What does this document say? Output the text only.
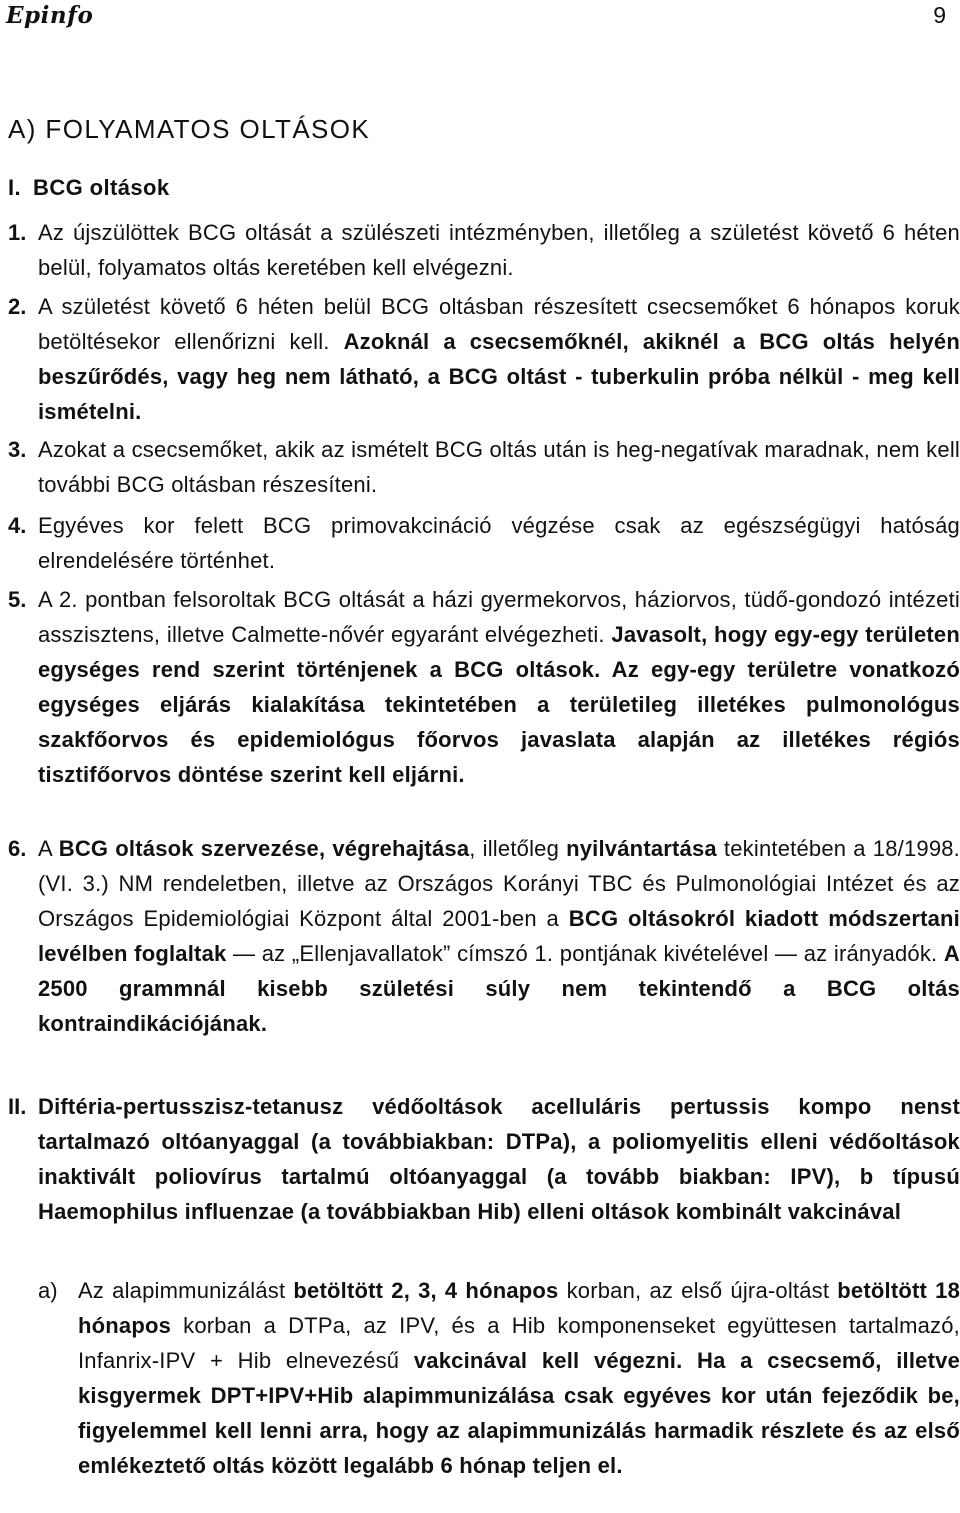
Epinfo	9
A) FOLYAMATOS OLTÁSOK
I. BCG oltások
1. Az újszülöttek BCG oltását a szülészeti intézményben, illetőleg a születést követő 6 héten belül, folyamatos oltás keretében kell elvégezni.
2. A születést követő 6 héten belül BCG oltásban részesített csecsemőket 6 hónapos koruk betöltésekor ellenőrizni kell. Azoknál a csecsemőknél, akiknél a BCG oltás helyén beszűrődés, vagy heg nem látható, a BCG oltást - tuberkulin próba nélkül - meg kell ismételni.
3. Azokat a csecsemőket, akik az ismételt BCG oltás után is heg-negatívak maradnak, nem kell további BCG oltásban részesíteni.
4. Egyéves kor felett BCG primovakcináció végzése csak az egészségügyi hatóság elrendelésére történhet.
5. A 2. pontban felsoroltak BCG oltását a házi gyermekorvos, háziorvos, tüdő-gondozó intézeti asszisztens, illetve Calmette-nővér egyaránt elvégezheti. Javasolt, hogy egy-egy területen egységes rend szerint történjenek a BCG oltások. Az egy-egy területre vonatkozó egységes eljárás kialakítása tekintetében a területileg illetékes pulmonológus szakfőorvos és epidemiológus főorvos javaslata alapján az illetékes régiós tisztifőorvos döntése szerint kell eljárni.
6. A BCG oltások szervezése, végrehajtása, illetőleg nyilvántartása tekintetében a 18/1998. (VI. 3.) NM rendeletben, illetve az Országos Korányi TBC és Pulmonológiai Intézet és az Országos Epidemiológiai Központ által 2001-ben a BCG oltásokról kiadott módszertani levélben foglaltak — az „Ellenjavallatok” címszó 1. pontjának kivételével — az irányadók. A 2500 grammnál kisebb születési súly nem tekintendő a BCG oltás kontraindikációjának.
II. Diftéria-pertusszisz-tetanusz védőoltások acelluláris pertussis kompo nenst tartalmazó oltóanyaggal (a továbbiakban: DTPa), a poliomyelitis elleni védőoltások inaktivált poliovírus tartalmú oltóanyaggal (a tovább biakban: IPV), b típusú Haemophilus influenzae (a továbbiakban Hib) elleni oltások kombinált vakcinával
a) Az alapimmunizálást betöltött 2, 3, 4 hónapos korban, az első újra-oltást betöltött 18 hónapos korban a DTPa, az IPV, és a Hib komponenseket együttesen tartalmazó, Infanrix-IPV + Hib elnevezésű vakcinával kell végezni. Ha a csecsemő, illetve kisgyermek DPT+IPV+Hib alapimmunizálása csak egyéves kor után fejeződik be, figyelemmel kell lenni arra, hogy az alapimmunizálás harmadik részlete és az első emlékeztető oltás között legalább 6 hónap teljen el.
